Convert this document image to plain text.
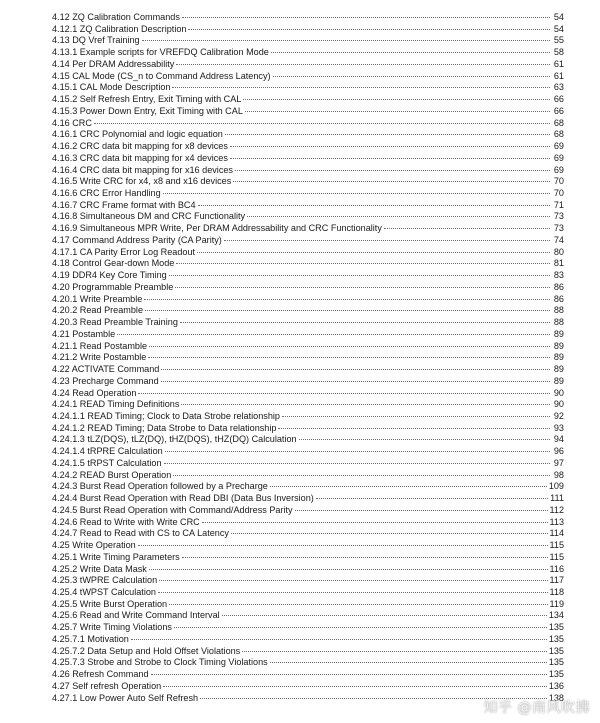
4.12 ZQ Calibration Commands	54
4.12.1 ZQ Calibration Description	54
4.13 DQ Vref Training	55
4.13.1 Example scripts for VREFDQ Calibration Mode	58
4.14 Per DRAM Addressability	61
4.15 CAL Mode (CS_n to Command Address Latency)	61
4.15.1 CAL Mode Description	63
4.15.2 Self Refresh Entry, Exit Timing with CAL	66
4.15.3 Power Down Entry, Exit Timing with CAL	66
4.16 CRC	68
4.16.1 CRC Polynomial and logic equation	68
4.16.2 CRC data bit mapping for x8 devices	69
4.16.3 CRC data bit mapping for x4 devices	69
4.16.4 CRC data bit mapping for x16 devices	69
4.16.5 Write CRC for x4, x8 and x16 devices	70
4.16.6 CRC Error Handling	70
4.16.7 CRC Frame format with BC4	71
4.16.8 Simultaneous DM and CRC Functionality	73
4.16.9 Simultaneous MPR Write, Per DRAM Addressability and CRC Functionality	73
4.17 Command Address Parity (CA Parity)	74
4.17.1 CA Parity Error Log Readout	80
4.18 Control Gear-down Mode	81
4.19 DDR4 Key Core Timing	83
4.20 Programmable Preamble	86
4.20.1 Write Preamble	86
4.20.2 Read Preamble	88
4.20.3 Read Preamble Training	88
4.21 Postamble	89
4.21.1 Read Postamble	89
4.21.2 Write Postamble	89
4.22 ACTIVATE Command	89
4.23 Precharge Command	89
4.24 Read Operation	90
4.24.1 READ Timing Definitions	90
4.24.1.1 READ Timing; Clock to Data Strobe relationship	92
4.24.1.2 READ Timing; Data Strobe to Data relationship	93
4.24.1.3 tLZ(DQS), tLZ(DQ), tHZ(DQS), tHZ(DQ) Calculation	94
4.24.1.4 tRPRE Calculation	96
4.24.1.5 tRPST Calculation	97
4.24.2 READ Burst Operation	98
4.24.3 Burst Read Operation followed by a Precharge	109
4.24.4 Burst Read Operation with Read DBI (Data Bus Inversion)	111
4.24.5 Burst Read Operation with Command/Address Parity	112
4.24.6 Read to Write with Write CRC	113
4.24.7 Read to Read with CS to CA Latency	114
4.25 Write Operation	115
4.25.1 Write Timing Parameters	115
4.25.2 Write Data Mask	116
4.25.3 tWPRE Calculation	117
4.25.4 tWPST Calculation	118
4.25.5 Write Burst Operation	119
4.25.6 Read and Write Command Interval	134
4.25.7 Write Timing Violations	135
4.25.7.1 Motivation	135
4.25.7.2 Data Setup and Hold Offset Violations	135
4.25.7.3 Strobe and Strobe to Clock Timing Violations	135
4.26 Refresh Command	135
4.27 Self refresh Operation	136
4.27.1 Low Power Auto Self Refresh	138
知乎 @南风吹拂
